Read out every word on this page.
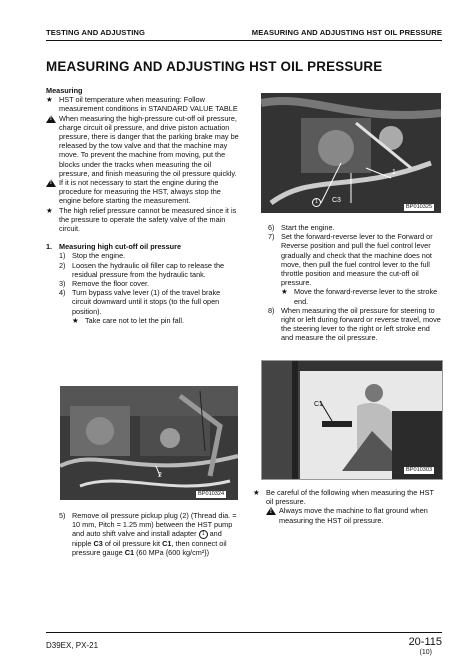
TESTING AND ADJUSTING	MEASURING AND ADJUSTING HST OIL PRESSURE
MEASURING AND ADJUSTING HST OIL PRESSURE

Measuring

★ HST oil temperature when measuring: Follow measurement conditions in STANDARD VALUE TABLE

!
When measuring the high-pressure cut-off oil pressure, charge circuit oil pressure, and drive piston actuation pressure, there is danger that the parking brake may be released by the tow valve and that the machine may move. To prevent the machine from moving, put the blocks under the tracks when measuring the oil pressure, and finish measuring the oil pressure quickly.

!
If it is not necessary to start the engine during the procedure for measuring the HST, always stop the engine before starting the measurement.

★ The high relief pressure cannot be measured since it is the pressure to operate the safety valve of the main circuit.

1. Measuring high cut-off oil pressure

1) Stop the engine.

2) Loosen the hydraulic oil filler cap to release the residual pressure from the hydraulic tank.

3) Remove the floor cover.

4) Turn bypass valve lever (1) of the travel brake circuit downward until it stops (to the full open position).

★ Take care not to let the pin fall.

2
BP010324

5) Remove oil pressure pickup plug (2) (Thread dia. = 10 mm, Pitch = 1.25 mm) between the HST pump and auto shift valve and install adapter 1 and nipple C3 of oil pressure kit C1, then connect oil pressure gauge C1 (60 MPa {600 kg/cm²})

1
1	C3
BP010325

6) Start the engine.

7) Set the forward-reverse lever to the Forward or Reverse position and pull the fuel control lever gradually and check that the machine does not move, then pull the fuel control lever to the full throttle position and measure the cut-off oil pressure.

★ Move the forward-reverse lever to the stroke end.

8) When measuring the oil pressure for steering to right or left during forward or reverse travel, move the steering lever to the right or left stroke end and measure the oil pressure.

C1
BP010303

★ Be careful of the following when measuring the HST oil pressure.

!
Always move the machine to flat ground when measuring the HST oil pressure.

D39EX, PX-21	20-115
(10)
